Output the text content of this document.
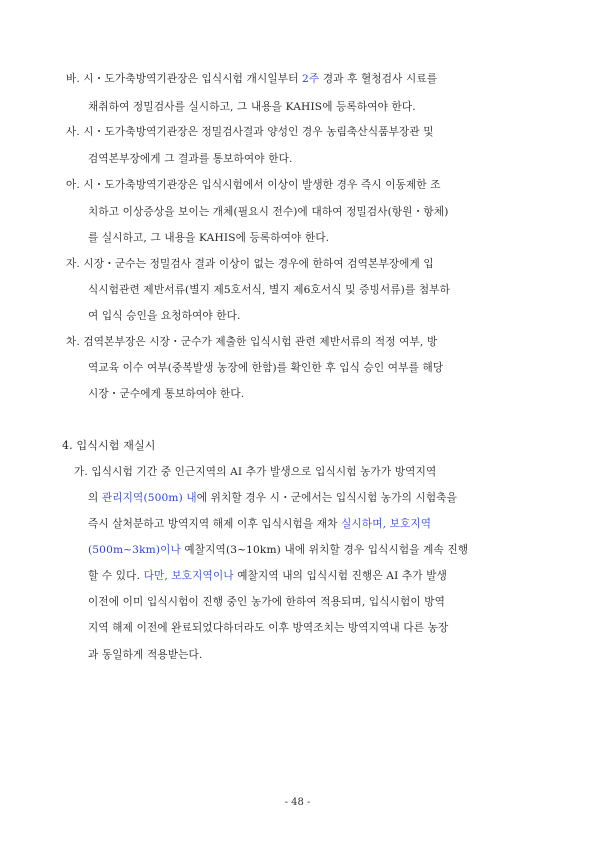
바. 시・도가축방역기관장은 입식시험 개시일부터 2주 경과 후 혈청검사 시료를
채취하여 정밀검사를 실시하고, 그 내용을 KAHIS에 등록하여야 한다.
사. 시・도가축방역기관장은 정밀검사결과 양성인 경우 농림축산식품부장관 및
검역본부장에게 그 결과를 통보하여야 한다.
아. 시・도가축방역기관장은 입식시험에서 이상이 발생한 경우 즉시 이동제한 조
치하고 이상증상을 보이는 개체(필요시 전수)에 대하여 정밀검사(항원・항체)
를 실시하고, 그 내용을 KAHIS에 등록하여야 한다.
자. 시장・군수는 정밀검사 결과 이상이 없는 경우에 한하여 검역본부장에게 입
식시험관련 제반서류(별지 제5호서식, 별지 제6호서식 및 증빙서류)를 첨부하
여 입식 승인을 요청하여야 한다.
차. 검역본부장은 시장・군수가 제출한 입식시험 관련 제반서류의 적정 여부, 방
역교육 이수 여부(중복발생 농장에 한함)를 확인한 후 입식 승인 여부를 해당
시장・군수에게 통보하여야 한다.
4. 입식시험 재실시
가. 입식시험 기간 중 인근지역의 AI 추가 발생으로 입식시험 농가가 방역지역
의 관리지역(500m) 내에 위치할 경우 시・군에서는 입식시험 농가의 시험축을
즉시 살처분하고 방역지역 해제 이후 입식시험을 재차 실시하며, 보호지역
(500m~3km)이나 예찰지역(3~10km) 내에 위치할 경우 입식시험을 계속 진행
할 수 있다. 다만, 보호지역이나 예찰지역 내의 입식시험 진행은 AI 추가 발생
이전에 이미 입식시험이 진행 중인 농가에 한하여 적용되며, 입식시험이 방역
지역 해제 이전에 완료되었다하더라도 이후 방역조치는 방역지역내 다른 농장
과 동일하게 적용받는다.
- 48 -
